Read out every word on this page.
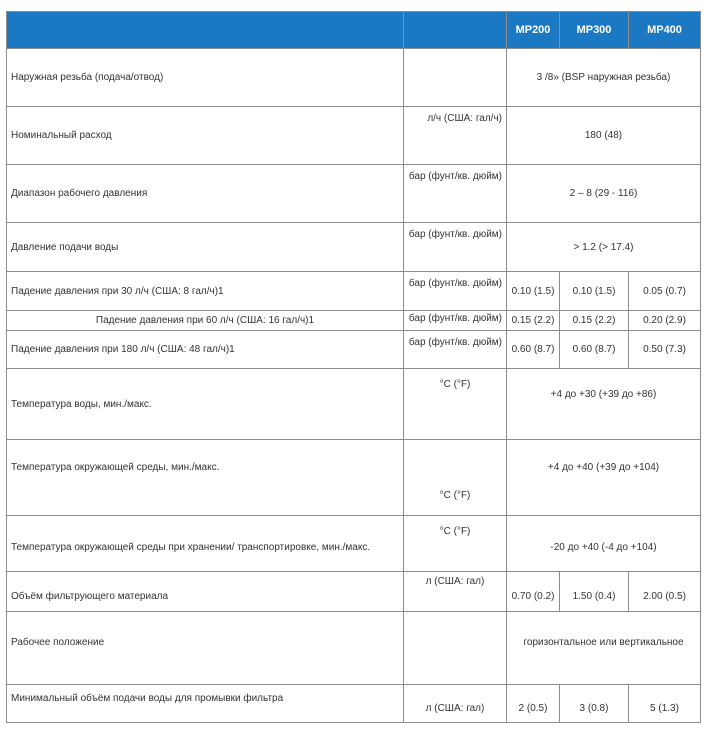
		MP200	MP300	MP400
Наружная резьба (подача/отвод)		3 /8» (BSP наружная резьба)		
Номинальный расход	л/ч (США: гал/ч)	180 (48)		
Диапазон рабочего давления	бар (фунт/кв. дюйм)	2 – 8 (29 - 116)		
Давление подачи воды	бар (фунт/кв. дюйм)	> 1.2 (> 17.4)		
Падение давления при 30 л/ч (США: 8 гал/ч)1	бар (фунт/кв. дюйм)	0.10 (1.5)	0.10 (1.5)	0.05 (0.7)
Падение давления при 60 л/ч (США: 16 гал/ч)1	бар (фунт/кв. дюйм)	0.15 (2.2)	0.15 (2.2)	0.20 (2.9)
Падение давления при 180 л/ч (США: 48 гал/ч)1	бар (фунт/кв. дюйм)	0.60 (8.7)	0.60 (8.7)	0.50 (7.3)
Температура воды, мин./макс.	°C (°F)	+4 до +30 (+39 до +86)		
Температура окружающей среды, мин./макс.	°C (°F)	+4 до +40 (+39 до +104)		
Температура окружающей среды при хранении/ транспортировке, мин./макс.	°C (°F)	-20 до +40 (-4 до +104)		
Объём фильтрующего материала	л (США: гал)	0.70 (0.2)	1.50 (0.4)	2.00 (0.5)
Рабочее положение		горизонтальное или вертикальное		
Минимальный объём подачи воды для промывки фильтра	л (США: гал)	2 (0.5)	3 (0.8)	5 (1.3)
